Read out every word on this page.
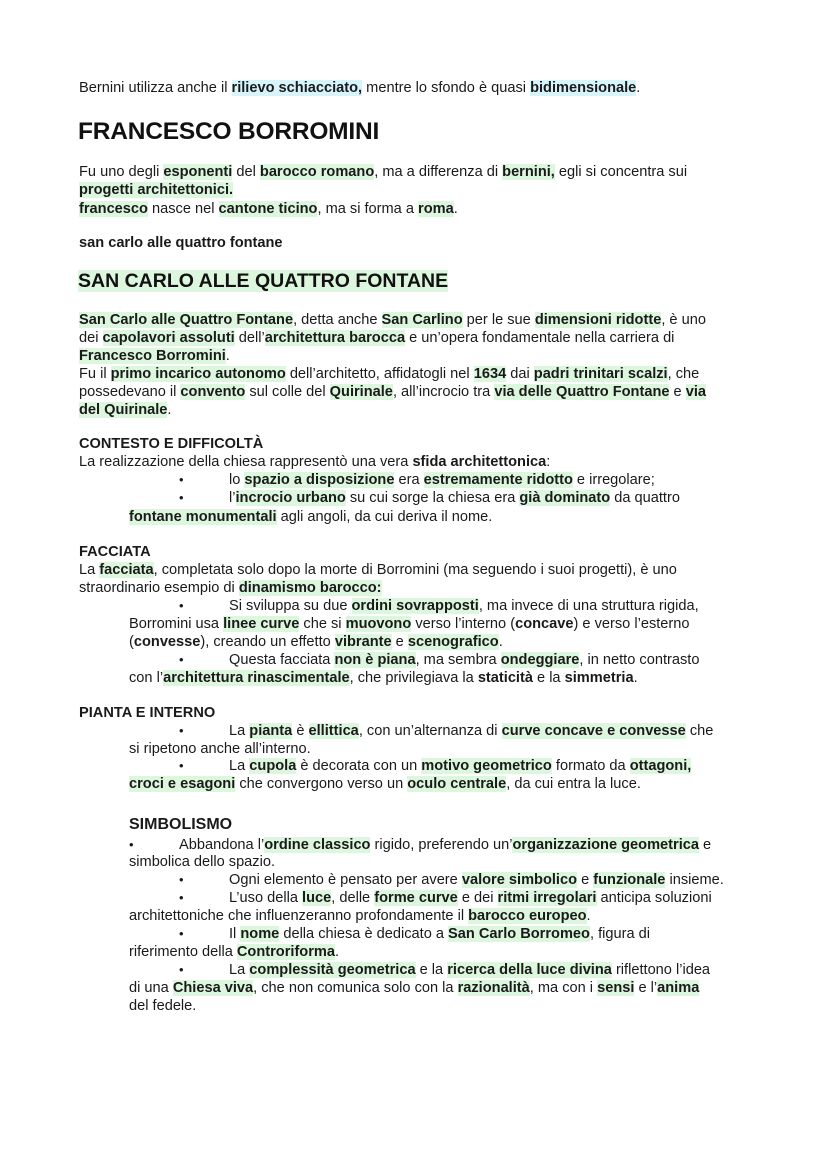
Bernini utilizza anche il rilievo schiacciato, mentre lo sfondo è quasi bidimensionale.
FRANCESCO BORROMINI
Fu uno degli esponenti del barocco romano, ma a differenza di bernini, egli si concentra sui
progetti architettonici.
francesco nasce nel cantone ticino, ma si forma a roma.
san carlo alle quattro fontane
SAN CARLO ALLE QUATTRO FONTANE
San Carlo alle Quattro Fontane, detta anche San Carlino per le sue dimensioni ridotte, è uno
dei capolavori assoluti dell’architettura barocca e un’opera fondamentale nella carriera di
Francesco Borromini.
Fu il primo incarico autonomo dell’architetto, affidatogli nel 1634 dai padri trinitari scalzi, che
possedevano il convento sul colle del Quirinale, all’incrocio tra via delle Quattro Fontane e via
del Quirinale.
CONTESTO E DIFFICOLTÀ
La realizzazione della chiesa rappresentò una vera sfida architettonica:
•	lo spazio a disposizione era estremamente ridotto e irregolare;
•	l’incrocio urbano su cui sorge la chiesa era già dominato da quattro
fontane monumentali agli angoli, da cui deriva il nome.
FACCIATA
La facciata, completata solo dopo la morte di Borromini (ma seguendo i suoi progetti), è uno
straordinario esempio di dinamismo barocco:
•	Si sviluppa su due ordini sovrapposti, ma invece di una struttura rigida,
Borromini usa linee curve che si muovono verso l’interno (concave) e verso l’esterno
(convesse), creando un effetto vibrante e scenografico.
•	Questa facciata non è piana, ma sembra ondeggiare, in netto contrasto
con l’architettura rinascimentale, che privilegiava la staticità e la simmetria.
PIANTA E INTERNO
•	La pianta è ellittica, con un’alternanza di curve concave e convesse che
si ripetono anche all’interno.
•	La cupola è decorata con un motivo geometrico formato da ottagoni,
croci e esagoni che convergono verso un oculo centrale, da cui entra la luce.
SIMBOLISMO
•	Abbandona l’ordine classico rigido, preferendo un’organizzazione geometrica e
simbolica dello spazio.
•	Ogni elemento è pensato per avere valore simbolico e funzionale insieme.
•	L’uso della luce, delle forme curve e dei ritmi irregolari anticipa soluzioni
architettoniche che influenzeranno profondamente il barocco europeo.
•	Il nome della chiesa è dedicato a San Carlo Borromeo, figura di
riferimento della Controriforma.
•	La complessità geometrica e la ricerca della luce divina riflettono l’idea
di una Chiesa viva, che non comunica solo con la razionalità, ma con i sensi e l’anima
del fedele.
